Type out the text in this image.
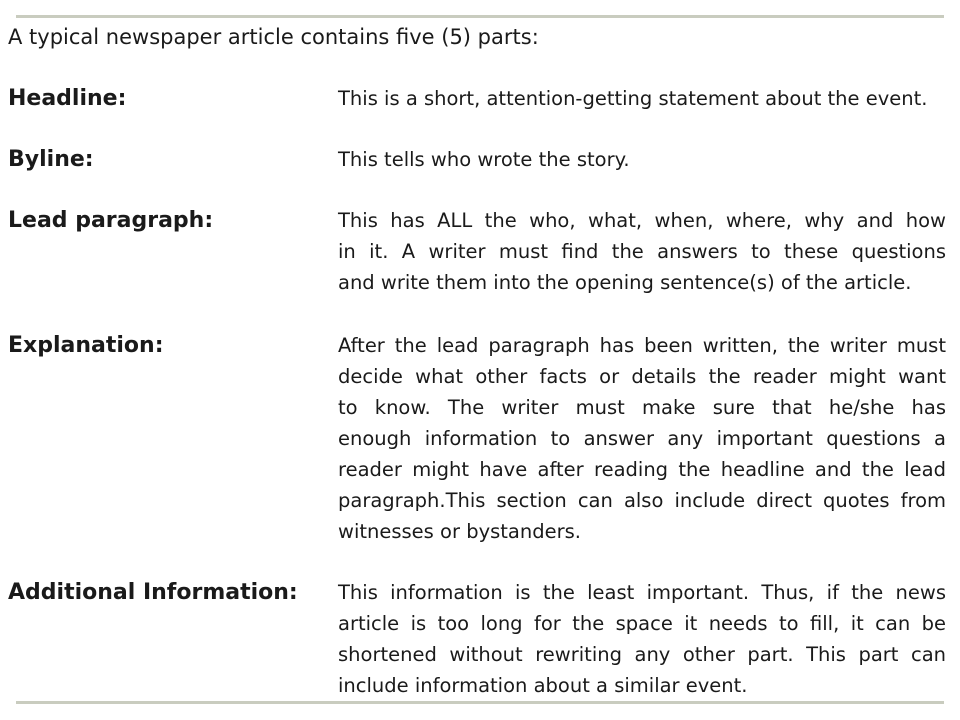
A typical newspaper article contains five (5) parts:
Headline:	This is a short, attention-getting statement about the event.
Byline:	This tells who wrote the story.
Lead paragraph:	This has ALL the who, what, when, where, why and how
in it. A writer must find the answers to these questions
and write them into the opening sentence(s) of the article.
Explanation:	After the lead paragraph has been written, the writer must
decide what other facts or details the reader might want
to know. The writer must make sure that he/she has
enough information to answer any important questions a
reader might have after reading the headline and the lead
paragraph.This section can also include direct quotes from
witnesses or bystanders.
Additional Information: This information is the least important. Thus, if the news
article is too long for the space it needs to fill, it can be
shortened without rewriting any other part. This part can
include information about a similar event.
